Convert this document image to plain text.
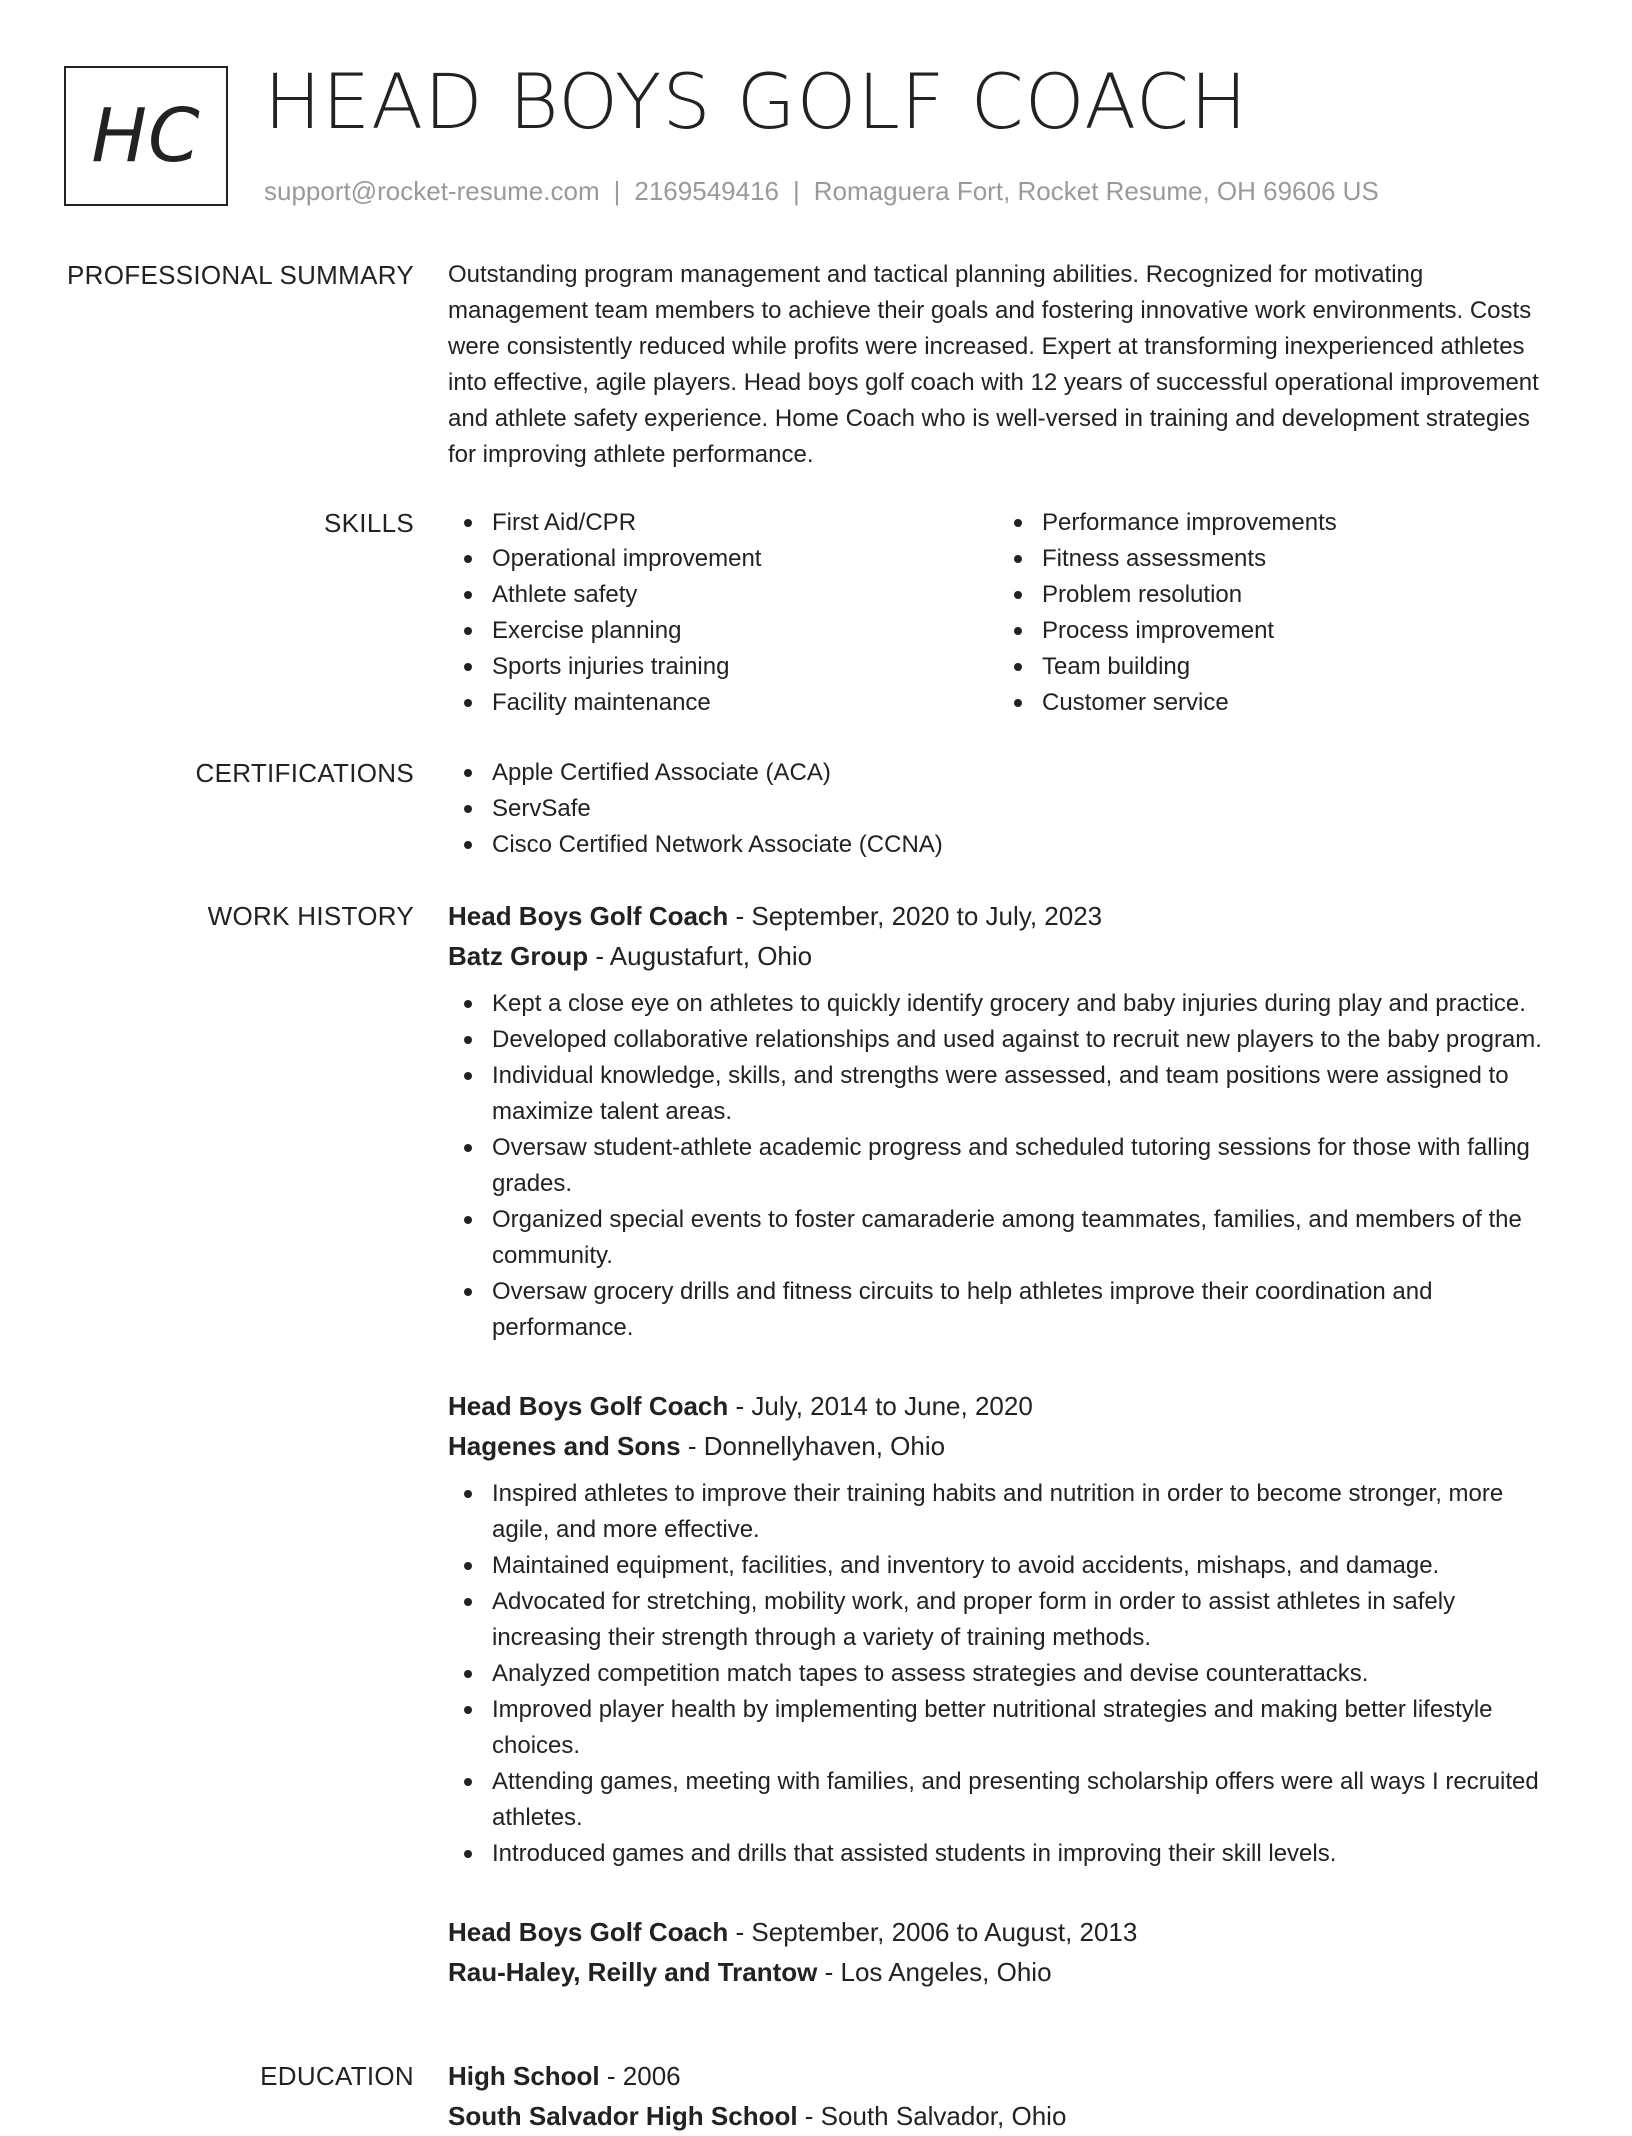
HC HEAD BOYS GOLF COACH
support@rocket-resume.com | 2169549416 | Romaguera Fort, Rocket Resume, OH 69606 US
PROFESSIONAL SUMMARY Outstanding program management and tactical planning abilities. Recognized for motivating management team members to achieve their goals and fostering innovative work environments. Costs were consistently reduced while profits were increased. Expert at transforming inexperienced athletes into effective, agile players. Head boys golf coach with 12 years of successful operational improvement and athlete safety experience. Home Coach who is well-versed in training and development strategies for improving athlete performance.

SKILLS	First Aid/CPR
Operational improvement
Athlete safety
Exercise planning
Sports injuries training
Facility maintenance
Performance improvements
Fitness assessments
Problem resolution
Process improvement
Team building
Customer service
CERTIFICATIONS	Apple Certified Associate (ACA)
ServSafe
Cisco Certified Network Associate (CCNA)
WORK HISTORY Head Boys Golf Coach - September, 2020 to July, 2023
Batz Group - Augustafurt, Ohio
Kept a close eye on athletes to quickly identify grocery and baby injuries during play and practice.
Developed collaborative relationships and used against to recruit new players to the baby program.
Individual knowledge, skills, and strengths were assessed, and team positions were assigned to maximize talent areas.
Oversaw student-athlete academic progress and scheduled tutoring sessions for those with falling grades.
Organized special events to foster camaraderie among teammates, families, and members of the community.
Oversaw grocery drills and fitness circuits to help athletes improve their coordination and performance.
Head Boys Golf Coach - July, 2014 to June, 2020
Hagenes and Sons - Donnellyhaven, Ohio
Inspired athletes to improve their training habits and nutrition in order to become stronger, more agile, and more effective.
Maintained equipment, facilities, and inventory to avoid accidents, mishaps, and damage.
Advocated for stretching, mobility work, and proper form in order to assist athletes in safely increasing their strength through a variety of training methods.
Analyzed competition match tapes to assess strategies and devise counterattacks.
Improved player health by implementing better nutritional strategies and making better lifestyle choices.
Attending games, meeting with families, and presenting scholarship offers were all ways I recruited athletes.
Introduced games and drills that assisted students in improving their skill levels.
Head Boys Golf Coach - September, 2006 to August, 2013
Rau-Haley, Reilly and Trantow - Los Angeles, Ohio
EDUCATION High School - 2006
South Salvador High School - South Salvador, Ohio
